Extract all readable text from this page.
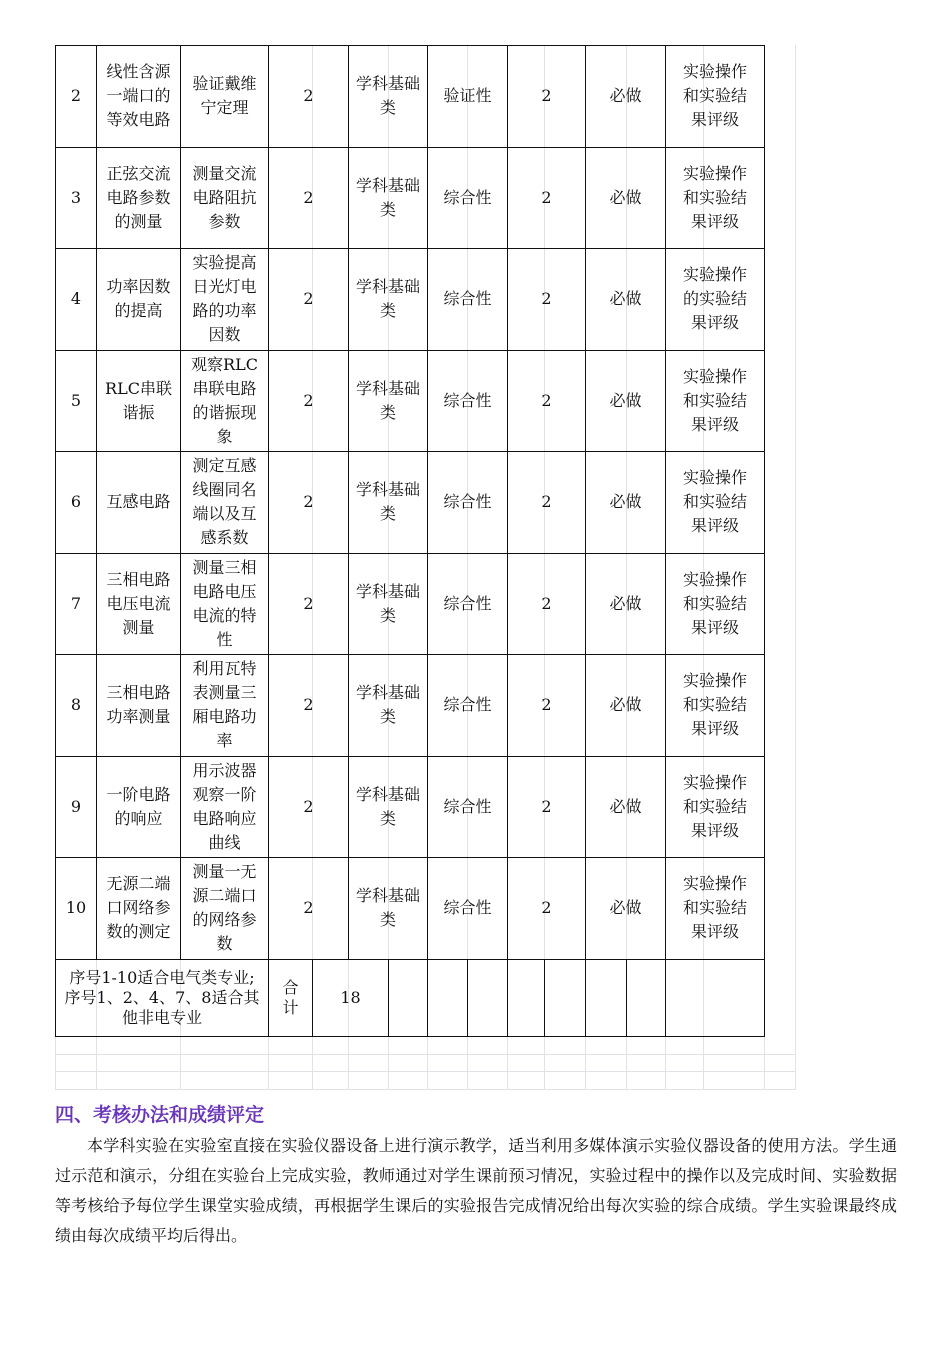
2	线性含源一端口的等效电路	验证戴维宁定理	2		学科基础类		验证性		2		必做		实验操作和实验结果评级	

3	正弦交流电路参数的测量	测量交流电路阻抗参数	2		学科基础类		综合性		2		必做		实验操作和实验结果评级	

4	功率因数的提高	实验提高日光灯电路的功率因数	2		学科基础类		综合性		2		必做		实验操作的实验结果评级	

5	RLC串联谐振	观察RLC串联电路的谐振现象	2		学科基础类		综合性		2		必做		实验操作和实验结果评级	

6	互感电路	测定互感线圈同名端以及互感系数	2		学科基础类		综合性		2		必做		实验操作和实验结果评级	

7	三相电路电压电流测量	测量三相电路电压电流的特性	2		学科基础类		综合性		2		必做		实验操作和实验结果评级	

8	三相电路功率测量	利用瓦特表测量三厢电路功率	2		学科基础类		综合性		2		必做		实验操作和实验结果评级	

9	一阶电路的响应	用示波器观察一阶电路响应曲线	2		学科基础类		综合性		2		必做		实验操作和实验结果评级	

10	无源二端口网络参数的测定	测量一无源二端口的网络参数	2		学科基础类		综合性		2		必做		实验操作和实验结果评级	

序号1-10适合电气类专业;
序号1、2、4、7、8适合其他非电专业			合计	18										
四、考核办法和成绩评定

本学科实验在实验室直接在实验仪器设备上进行演示教学，适当利用多媒体演示实验仪器设备的使用方法。学生通过示范和演示，分组在实验台上完成实验，教师通过对学生课前预习情况，实验过程中的操作以及完成时间、实验数据等考核给予每位学生课堂实验成绩，再根据学生课后的实验报告完成情况给出每次实验的综合成绩。学生实验课最终成绩由每次成绩平均后得出。
